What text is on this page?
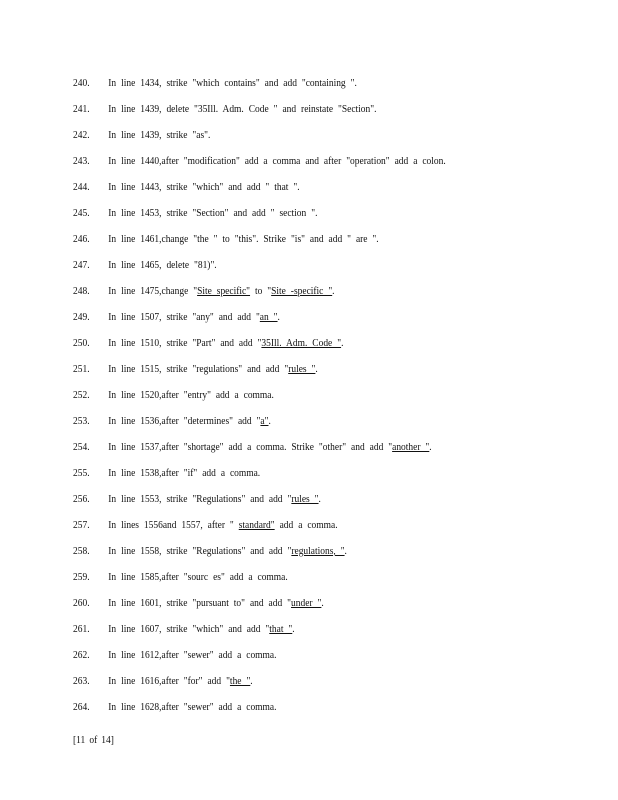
240.	In line 1434, strike "which contains" and add "containing ".
241.	In line 1439, delete "35Ill. Adm. Code " and reinstate "Section".
242.	In line 1439, strike "as".
243.	In line 1440,after "modification" add a comma and after "operation" add a colon.
244.	In line 1443, strike "which" and add " that ".
245.	In line 1453, strike "Section" and add " section ".
246.	In line 1461,change "the " to "this". Strike "is" and add " are ".
247.	In line 1465, delete "81)".
248.	In line 1475,change "Site specific" to "Site -specific ".
249.	In line 1507, strike "any" and add "an ".
250.	In line 1510, strike "Part" and add "35Ill. Adm. Code ".
251.	In line 1515, strike "regulations" and add "rules ".
252.	In line 1520,after "entry" add a comma.
253.	In line 1536,after "determines" add "a".
254.	In line 1537,after "shortage" add a comma. Strike "other" and add "another ".
255.	In line 1538,after "if" add a comma.
256.	In line 1553, strike "Regulations" and add "rules ".
257.	In lines 1556and 1557, after " standard" add a comma.
258.	In line 1558, strike "Regulations" and add "regulations, ".
259.	In line 1585,after "sourc es" add a comma.
260.	In line 1601, strike "pursuant to" and add "under ".
261.	In line 1607, strike "which" and add "that ".
262.	In line 1612,after "sewer" add a comma.
263.	In line 1616,after "for" add "the ".
264.	In line 1628,after "sewer" add a comma.
[11 of 14]
